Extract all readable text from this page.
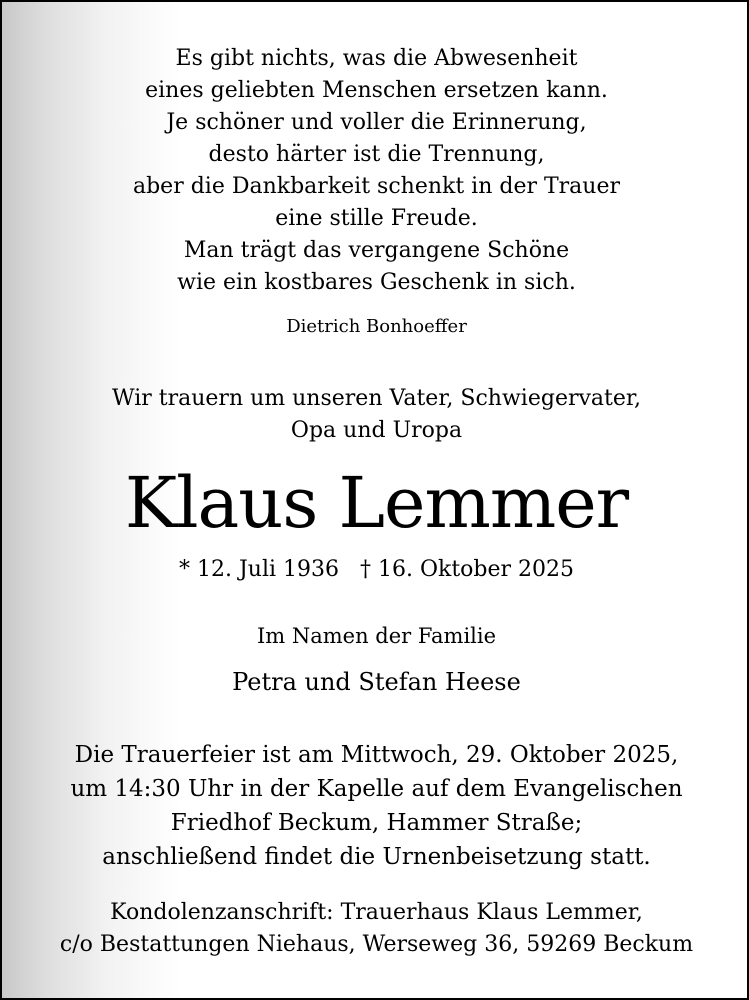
Es gibt nichts, was die Abwesenheit
eines geliebten Menschen ersetzen kann.
Je schöner und voller die Erinnerung,
desto härter ist die Trennung,
aber die Dankbarkeit schenkt in der Trauer
eine stille Freude.
Man trägt das vergangene Schöne
wie ein kostbares Geschenk in sich.
Dietrich Bonhoeffer
Wir trauern um unseren Vater, Schwiegervater,
Opa und Uropa
Klaus Lemmer
* 12. Juli 1936   † 16. Oktober 2025
Im Namen der Familie
Petra und Stefan Heese
Die Trauerfeier ist am Mittwoch, 29. Oktober 2025,
um 14:30 Uhr in der Kapelle auf dem Evangelischen
Friedhof Beckum, Hammer Straße;
anschließend findet die Urnenbeisetzung statt.
Kondolenzanschrift: Trauerhaus Klaus Lemmer,
c/o Bestattungen Niehaus, Werseweg 36, 59269 Beckum
